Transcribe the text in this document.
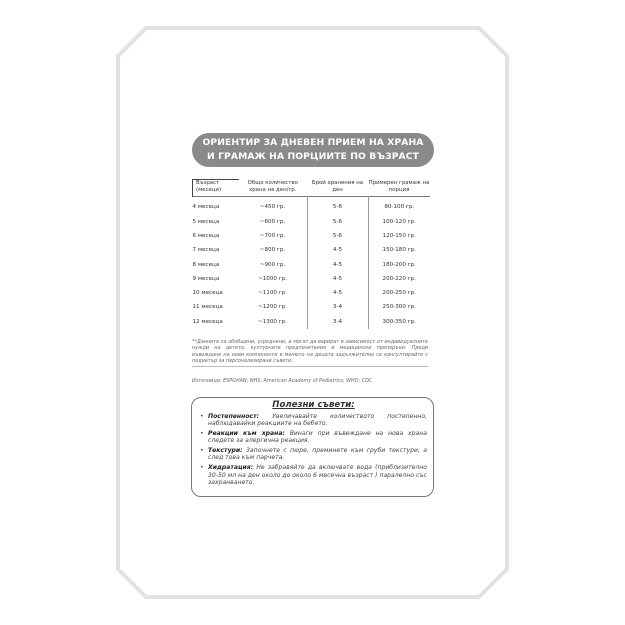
ОРИЕНТИР ЗА ДНЕВЕН ПРИЕМ НА ХРАНА
И ГРАМАЖ НА ПОРЦИИТЕ ПО ВЪЗРАСТ
Възраст (месеци)	Общо количество храна на ден/гр.	Брой хранения на ден	Примерен грамаж на порция
4 месеца	~450 гр.	5-6	80-100 гр.
5 месеца	~600 гр.	5-6	100-120 гр.
6 месеца	~700 гр.	5-6	120-150 гр.
7 месеца	~800 гр.	4-5	150-180 гр.
8 месеца	~900 гр.	4-5	180-200 гр.
9 месеца	~1000 гр.	4-5	200-220 гр.
10 месеца	~1100 гр.	4-5	200-250 гр.
11 месеца	~1200 гр.	3-4	250-300 гр.
12 месеца	~1300 гр.	3-4	300-350 гр.
**Данните са обобщени, усреднени, и могат да варират в зависимост от индивидуалните нужди на детето, културните предпочитания и медицински препоръки. Преди въвеждане на нови компоненти в менюто на децата задължително се консултирайте с педиатър за персонализирани съвети.
Източници: ESPGHAN; NHS; American Academy of Pediatrics; WHO; CDC
Полезни съвети:
• Постепенност: Увеличавайте количеството постепенно, наблюдавайки реакциите на бебето.
• Реакции към храна: Винаги при въвеждане на нова храна следете за алергична реакция.
• Текстури: Започнете с пюре, преминете към груби текстури, а след това към парчета.
• Хидратация: Не забравяйте да включвате вода (приблизително 30-50 мл на ден около до около 6 месечна възраст ) паралелно със захранването.
